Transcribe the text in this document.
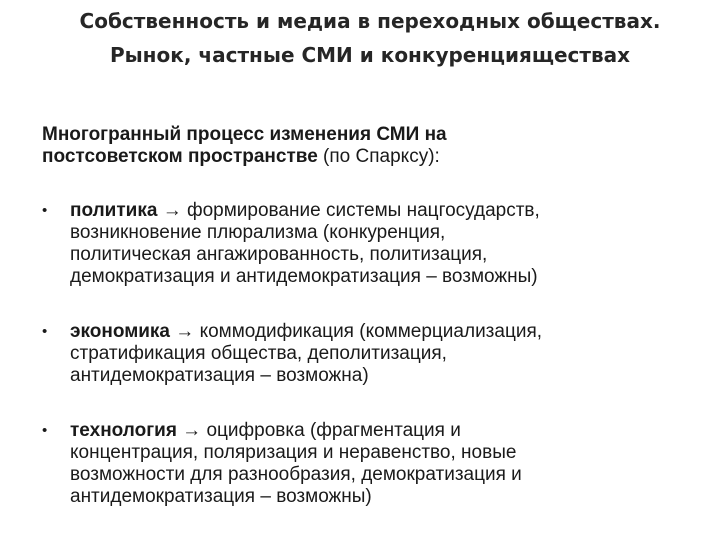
Собственность и медиа в переходных обществах.
Рынок, частные СМИ и конкуренциящеcтвах
Многогранный процесс изменения СМИ на
постсоветском пространстве (по Спарксу):
•	политика → формирование системы нацгосударств,
возникновение плюрализма (конкуренция,
политическая ангажированность, политизация,
демократизация и антидемократизация – возможны)
•	экономика → коммодификация (коммерциализация,
стратификация общества, деполитизация,
антидемократизация – возможна)
•	технология → оцифровка (фрагментация и
концентрация, поляризация и неравенство, новые
возможности для разнообразия, демократизация и
антидемократизация – возможны)
